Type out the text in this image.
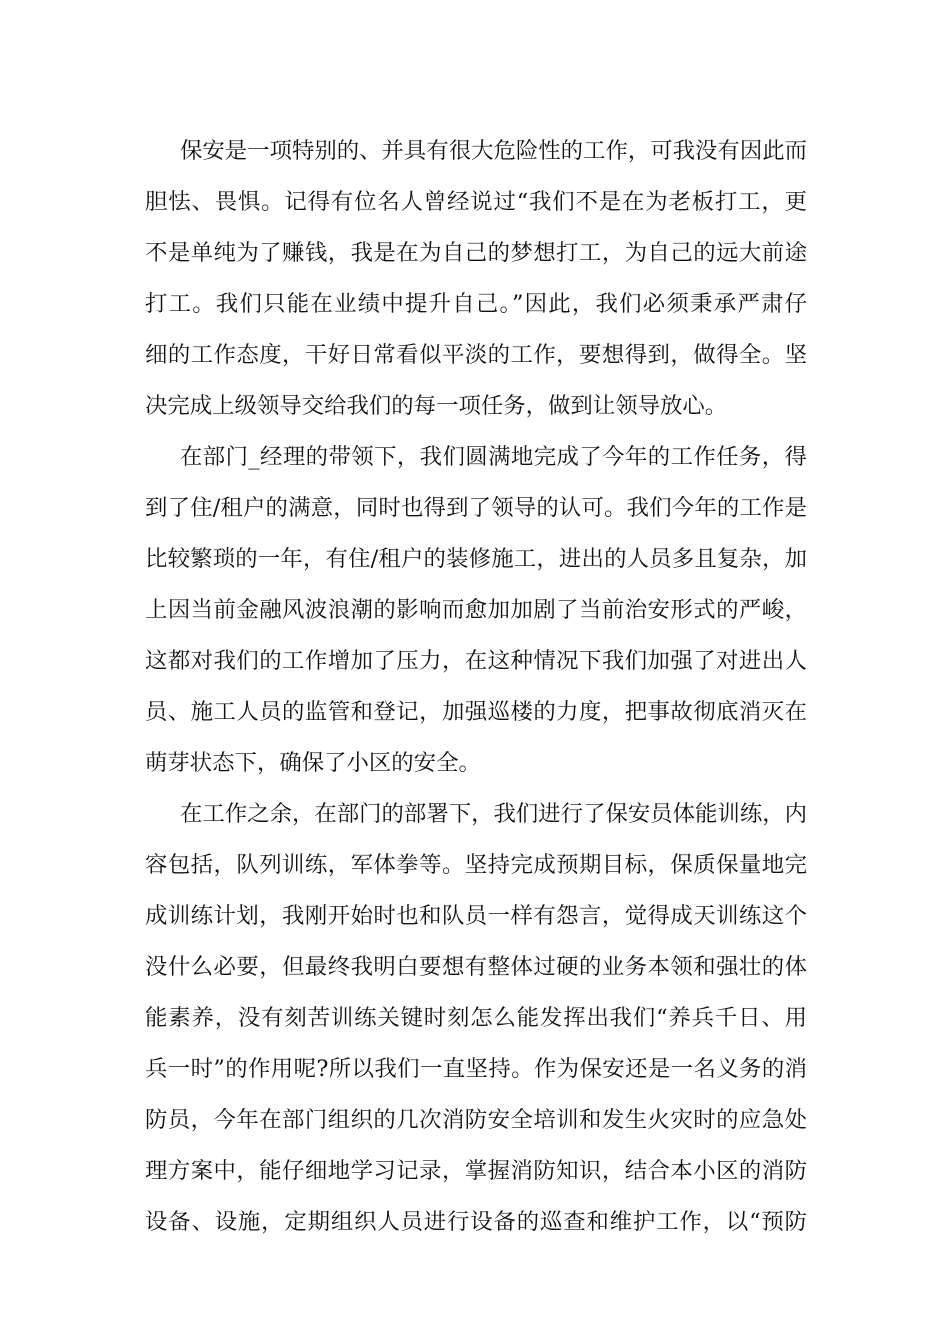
保安是一项特别的、并具有很大危险性的工作，可我没有因此而
胆怯、畏惧。记得有位名人曾经说过“我们不是在为老板打工，更
不是单纯为了赚钱，我是在为自己的梦想打工，为自己的远大前途
打工。我们只能在业绩中提升自己。”因此，我们必须秉承严肃仔
细的工作态度，干好日常看似平淡的工作，要想得到，做得全。坚
决完成上级领导交给我们的每一项任务，做到让领导放心。
在部门_经理的带领下，我们圆满地完成了今年的工作任务，得
到了住/租户的满意，同时也得到了领导的认可。我们今年的工作是
比较繁琐的一年，有住/租户的装修施工，进出的人员多且复杂，加
上因当前金融风波浪潮的影响而愈加加剧了当前治安形式的严峻，
这都对我们的工作增加了压力，在这种情况下我们加强了对进出人
员、施工人员的监管和登记，加强巡楼的力度，把事故彻底消灭在
萌芽状态下，确保了小区的安全。
在工作之余，在部门的部署下，我们进行了保安员体能训练，内
容包括，队列训练，军体拳等。坚持完成预期目标，保质保量地完
成训练计划，我刚开始时也和队员一样有怨言，觉得成天训练这个
没什么必要，但最终我明白要想有整体过硬的业务本领和强壮的体
能素养，没有刻苦训练关键时刻怎么能发挥出我们“养兵千日、用
兵一时”的作用呢?所以我们一直坚持。作为保安还是一名义务的消
防员，今年在部门组织的几次消防安全培训和发生火灾时的应急处
理方案中，能仔细地学习记录，掌握消防知识，结合本小区的消防
设备、设施，定期组织人员进行设备的巡查和维护工作，以“预防
